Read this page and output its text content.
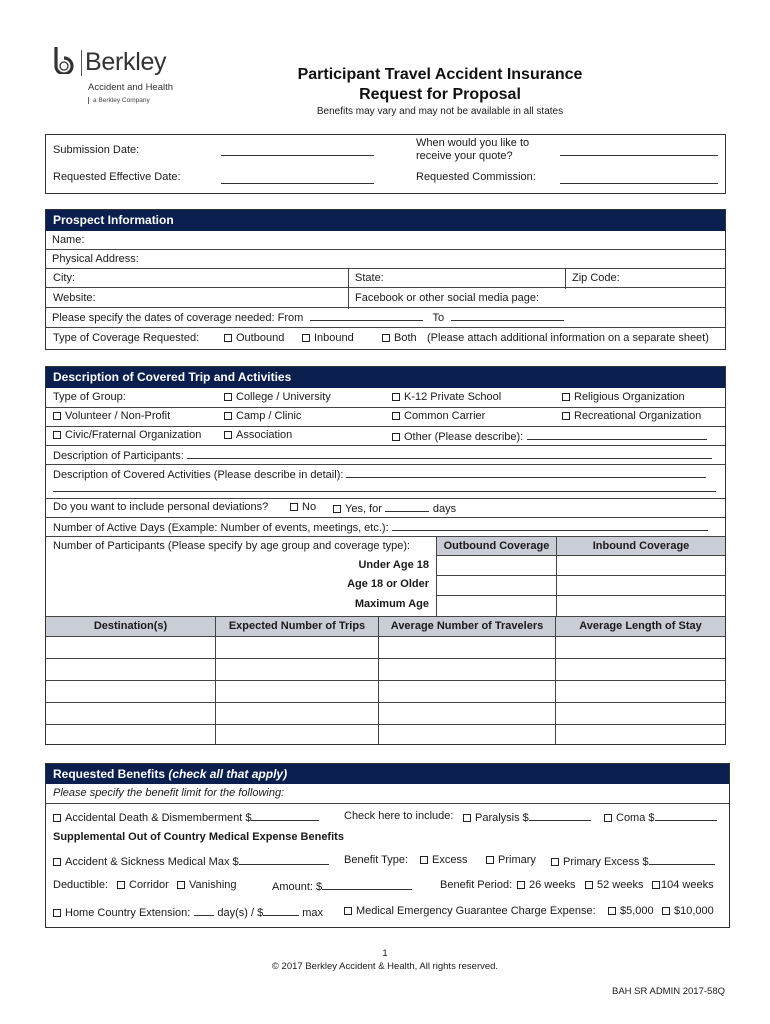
Berkley
Accident and Health
a Berkley Company
Participant Travel Accident Insurance
Request for Proposal
Benefits may vary and may not be available in all states
Submission Date:
When would you like to
receive your quote?
Requested Effective Date:	Requested Commission:
Prospect Information
Name:
Physical Address:
City:	State:	Zip Code:
Website:	Facebook or other social media page:
Please specify the dates of coverage needed: From	To
Type of Coverage Requested:	Outbound	Inbound	Both (Please attach additional information on a separate sheet)
Description of Covered Trip and Activities
Type of Group:	College / University	K-12 Private School	Religious Organization
Volunteer / Non-Profit	Camp / Clinic	Common Carrier	Recreational Organization
Civic/Fraternal Organization	Association	Other (Please describe):
Description of Participants:
Description of Covered Activities (Please describe in detail):
Do you want to include personal deviations?	No	Yes, for	days
Number of Active Days (Example: Number of events, meetings, etc.):
Number of Participants (Please specify by age group and coverage type):	Outbound Coverage	Inbound Coverage
Under Age 18
Age 18 or Older
Maximum Age
Destination(s)	Expected Number of Trips	Average Number of Travelers	Average Length of Stay
Requested Benefits (check all that apply)
Please specify the benefit limit for the following:
Accidental Death & Dismemberment $	Check here to include:	Paralysis $	Coma $
Supplemental Out of Country Medical Expense Benefits
Accident & Sickness Medical Max $	Benefit Type:	Excess	Primary	Primary Excess $
Deductible:	Corridor	Vanishing	Amount: $	Benefit Period:	26 weeks	52 weeks	104 weeks
Home Country Extension: day(s) / $	max	Medical Emergency Guarantee Charge Expense:	$5,000	$10,000
1
© 2017 Berkley Accident & Health, All rights reserved.
BAH SR ADMIN 2017-58Q
